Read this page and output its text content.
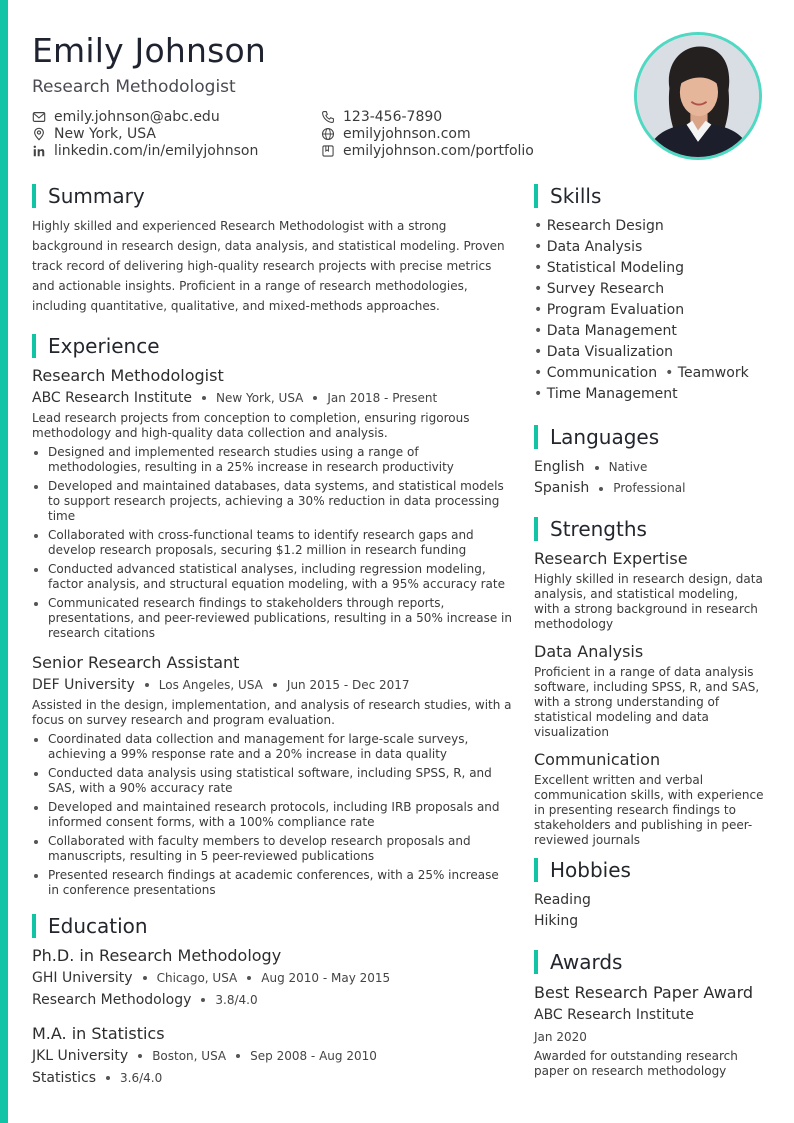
Emily Johnson
Research Methodologist
emily.johnson@abc.edu
New York, USA
linkedin.com/in/emilyjohnson
123-456-7890
emilyjohnson.com
emilyjohnson.com/portfolio
Summary

Highly skilled and experienced Research Methodologist with a strong background in research design, data analysis, and statistical modeling. Proven track record of delivering high-quality research projects with precise metrics and actionable insights. Proficient in a range of research methodologies, including quantitative, qualitative, and mixed-methods approaches.

Experience
Research Methodologist
ABC Research Institute New York, USA Jan 2018 - Present
Lead research projects from conception to completion, ensuring rigorous methodology and high-quality data collection and analysis.
Designed and implemented research studies using a range of methodologies, resulting in a 25% increase in research productivity
Developed and maintained databases, data systems, and statistical models to support research projects, achieving a 30% reduction in data processing time
Collaborated with cross-functional teams to identify research gaps and develop research proposals, securing $1.2 million in research funding
Conducted advanced statistical analyses, including regression modeling, factor analysis, and structural equation modeling, with a 95% accuracy rate
Communicated research findings to stakeholders through reports, presentations, and peer-reviewed publications, resulting in a 50% increase in research citations
Senior Research Assistant
DEF University Los Angeles, USA Jun 2015 - Dec 2017
Assisted in the design, implementation, and analysis of research studies, with a focus on survey research and program evaluation.
Coordinated data collection and management for large-scale surveys, achieving a 99% response rate and a 20% increase in data quality
Conducted data analysis using statistical software, including SPSS, R, and SAS, with a 90% accuracy rate
Developed and maintained research protocols, including IRB proposals and informed consent forms, with a 100% compliance rate
Collaborated with faculty members to develop research proposals and manuscripts, resulting in 5 peer-reviewed publications
Presented research findings at academic conferences, with a 25% increase in conference presentations
Education
Ph.D. in Research Methodology
GHI University Chicago, USA Aug 2010 - May 2015
Research Methodology 3.8/4.0
M.A. in Statistics
JKL University Boston, USA Sep 2008 - Aug 2010
Statistics 3.6/4.0
Skills
• Research Design
• Data Analysis
• Statistical Modeling
• Survey Research
• Program Evaluation
• Data Management
• Data Visualization
• Communication• Teamwork
• Time Management
Languages
English Native
Spanish Professional
Strengths
Research Expertise
Highly skilled in research design, data analysis, and statistical modeling, with a strong background in research methodology
Data Analysis
Proficient in a range of data analysis software, including SPSS, R, and SAS, with a strong understanding of statistical modeling and data visualization
Communication
Excellent written and verbal communication skills, with experience in presenting research findings to stakeholders and publishing in peer-reviewed journals
Hobbies
Reading
Hiking
Awards
Best Research Paper Award
ABC Research Institute
Jan 2020
Awarded for outstanding research paper on research methodology
